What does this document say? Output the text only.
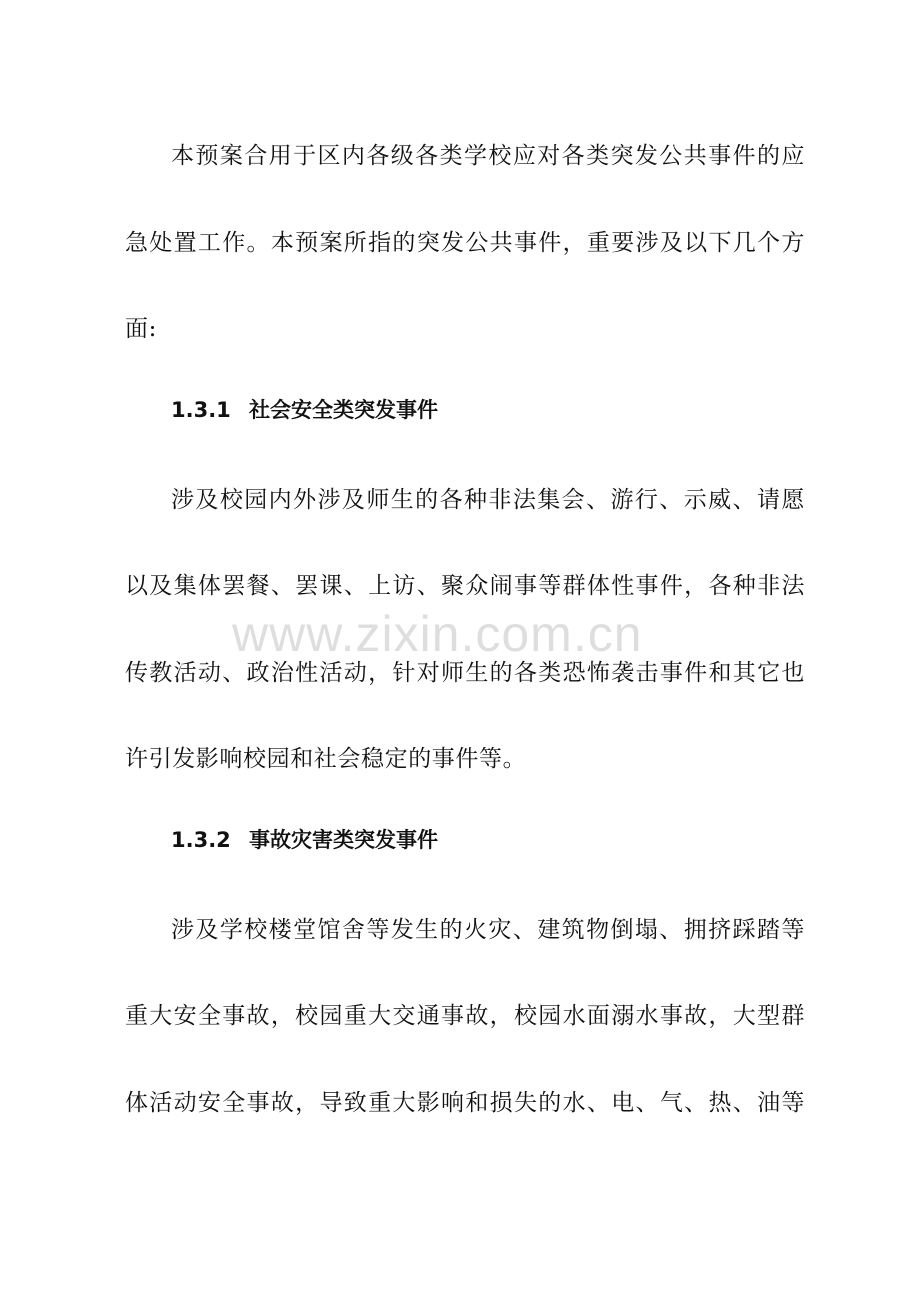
本预案合用于区内各级各类学校应对各类突发公共事件的应
急处置工作。本预案所指的突发公共事件，重要涉及以下几个方
面:
1.3.1 社会安全类突发事件
涉及校园内外涉及师生的各种非法集会、游行、示威、请愿
以及集体罢餐、罢课、上访、聚众闹事等群体性事件，各种非法
传教活动、政治性活动，针对师生的各类恐怖袭击事件和其它也
许引发影响校园和社会稳定的事件等。
1.3.2 事故灾害类突发事件
涉及学校楼堂馆舍等发生的火灾、建筑物倒塌、拥挤踩踏等
重大安全事故，校园重大交通事故，校园水面溺水事故，大型群
体活动安全事故，导致重大影响和损失的水、电、气、热、油等
www.zixin.com.cn
